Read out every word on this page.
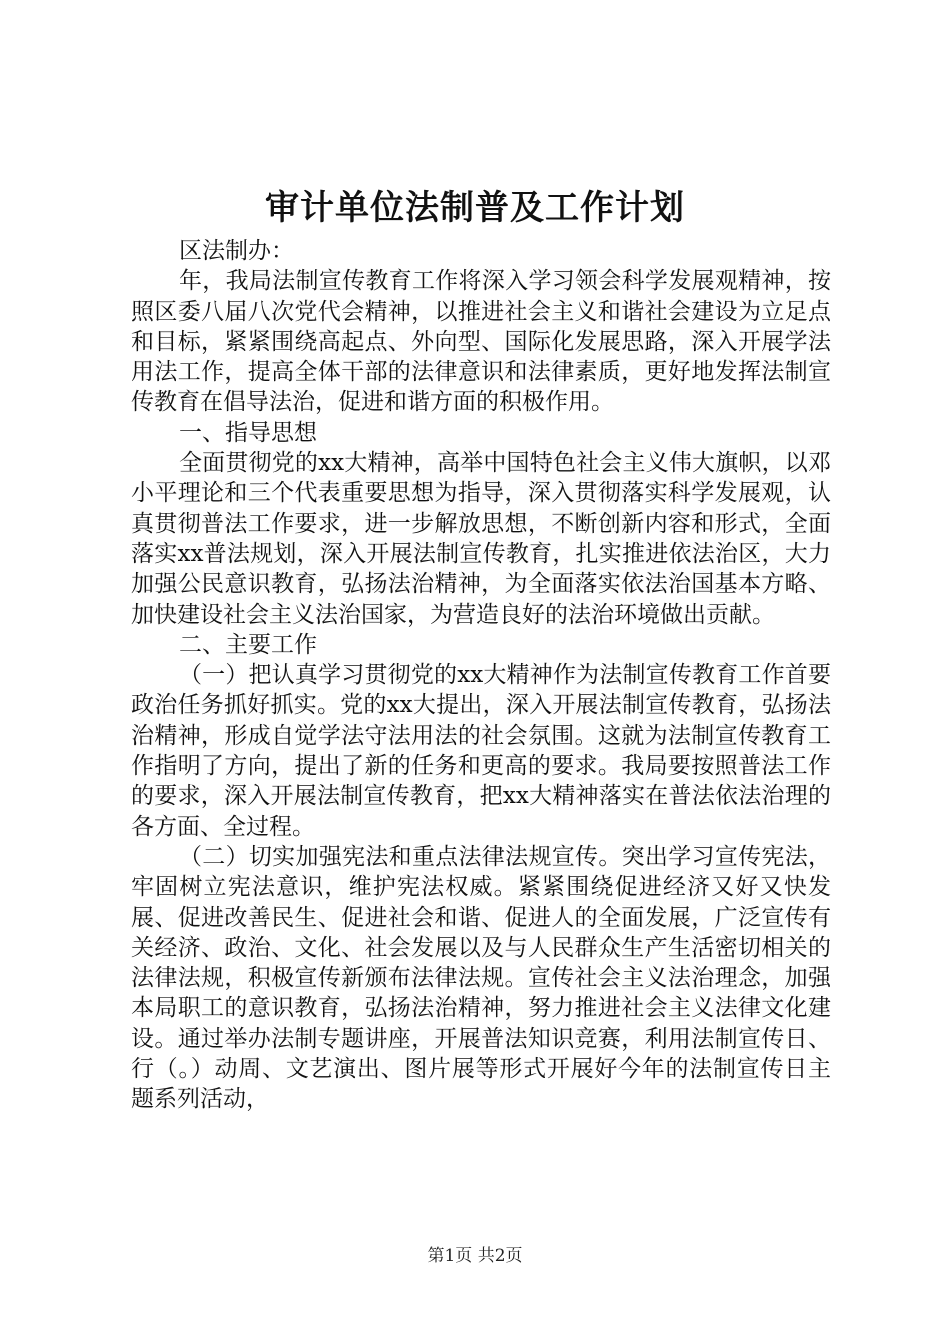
审计单位法制普及工作计划

区法制办：

年，我局法制宣传教育工作将深入学习领会科学发展观精神，按照区委八届八次党代会精神，以推进社会主义和谐社会建设为立足点和目标，紧紧围绕高起点、外向型、国际化发展思路，深入开展学法用法工作，提高全体干部的法律意识和法律素质，更好地发挥法制宣传教育在倡导法治，促进和谐方面的积极作用。

一、指导思想

全面贯彻党的xx大精神，高举中国特色社会主义伟大旗帜，以邓小平理论和三个代表重要思想为指导，深入贯彻落实科学发展观，认真贯彻普法工作要求，进一步解放思想，不断创新内容和形式，全面落实xx普法规划，深入开展法制宣传教育，扎实推进依法治区，大力加强公民意识教育，弘扬法治精神，为全面落实依法治国基本方略、加快建设社会主义法治国家，为营造良好的法治环境做出贡献。

二、主要工作

（一）把认真学习贯彻党的xx大精神作为法制宣传教育工作首要政治任务抓好抓实。党的xx大提出，深入开展法制宣传教育，弘扬法治精神，形成自觉学法守法用法的社会氛围。这就为法制宣传教育工作指明了方向，提出了新的任务和更高的要求。我局要按照普法工作的要求，深入开展法制宣传教育，把xx大精神落实在普法依法治理的各方面、全过程。

（二）切实加强宪法和重点法律法规宣传。突出学习宣传宪法，牢固树立宪法意识，维护宪法权威。紧紧围绕促进经济又好又快发展、促进改善民生、促进社会和谐、促进人的全面发展，广泛宣传有关经济、政治、文化、社会发展以及与人民群众生产生活密切相关的法律法规，积极宣传新颁布法律法规。宣传社会主义法治理念，加强本局职工的意识教育，弘扬法治精神，努力推进社会主义法律文化建设。通过举办法制专题讲座，开展普法知识竞赛，利用法制宣传日、行（。）动周、文艺演出、图片展等形式开展好今年的法制宣传日主题系列活动，

第1页 共2页
